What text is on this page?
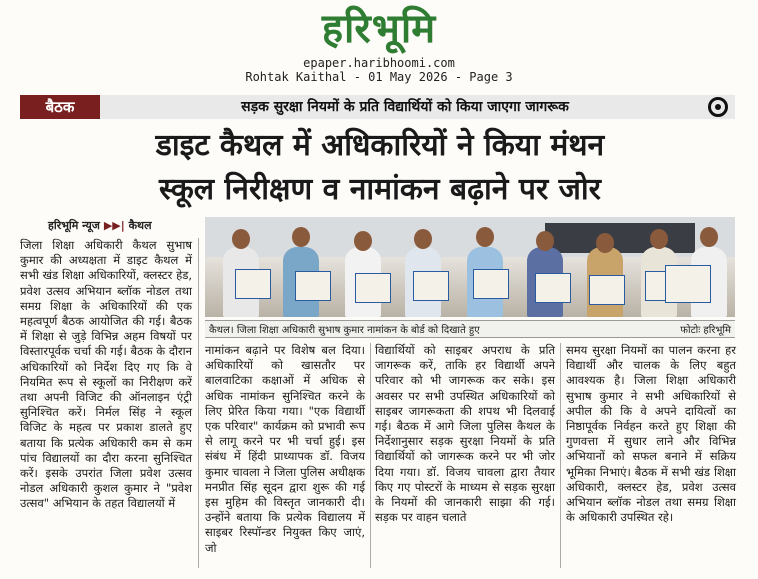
हरिभूमि
epaper.haribhoomi.com
Rohtak Kaithal - 01 May 2026 - Page 3
बैठक	सड़क सुरक्षा नियमों के प्रति विद्यार्थियों को किया जाएगा जागरूक
डाइट कैथल में अधिकारियों ने किया मंथन
स्कूल निरीक्षण व नामांकन बढ़ाने पर जोर
हरिभूमि न्यूज ▶▶| कैथल
कैथल। जिला शिक्षा अधिकारी सुभाष कुमार नामांकन के बोर्ड को दिखाते हुए	फोटोः हरिभूमि
जिला शिक्षा अधिकारी कैथल सुभाष कुमार की अध्यक्षता में डाइट कैथल में सभी खंड शिक्षा अधिकारियों, क्लस्टर हेड, प्रवेश उत्सव अभियान ब्लॉक नोडल तथा समग्र शिक्षा के अधिकारियों की एक महत्वपूर्ण बैठक आयोजित की गई। बैठक में शिक्षा से जुड़े विभिन्न अहम विषयों पर विस्तारपूर्वक चर्चा की गई। बैठक के दौरान अधिकारियों को निर्देश दिए गए कि वे नियमित रूप से स्कूलों का निरीक्षण करें तथा अपनी विजिट की ऑनलाइन एंट्री सुनिश्चित करें। निर्मल सिंह ने स्कूल विजिट के महत्व पर प्रकाश डालते हुए बताया कि प्रत्येक अधिकारी कम से कम पांच विद्यालयों का दौरा करना सुनिश्चित करें। इसके उपरांत जिला प्रवेश उत्सव नोडल अधिकारी कुशल कुमार ने "प्रवेश उत्सव" अभियान के तहत विद्यालयों में
नामांकन बढ़ाने पर विशेष बल दिया। अधिकारियों को खासतौर पर बालवाटिका कक्षाओं में अधिक से अधिक नामांकन सुनिश्चित करने के लिए प्रेरित किया गया। "एक विद्यार्थी एक परिवार" कार्यक्रम को प्रभावी रूप से लागू करने पर भी चर्चा हुई। इस संबंध में हिंदी प्राध्यापक डॉ. विजय कुमार चावला ने जिला पुलिस अधीक्षक मनप्रीत सिंह सूदन द्वारा शुरू की गई इस मुहिम की विस्तृत जानकारी दी। उन्होंने बताया कि प्रत्येक विद्यालय में साइबर रिस्पॉन्डर नियुक्त किए जाएं, जो
विद्यार्थियों को साइबर अपराध के प्रति जागरूक करें, ताकि हर विद्यार्थी अपने परिवार को भी जागरूक कर सके। इस अवसर पर सभी उपस्थित अधिकारियों को साइबर जागरूकता की शपथ भी दिलवाई गई। बैठक में आगे जिला पुलिस कैथल के निर्देशानुसार सड़क सुरक्षा नियमों के प्रति विद्यार्थियों को जागरूक करने पर भी जोर दिया गया। डॉ. विजय चावला द्वारा तैयार किए गए पोस्टरों के माध्यम से सड़क सुरक्षा के नियमों की जानकारी साझा की गई। सड़क पर वाहन चलाते
समय सुरक्षा नियमों का पालन करना हर विद्यार्थी और चालक के लिए बहुत आवश्यक है। जिला शिक्षा अधिकारी सुभाष कुमार ने सभी अधिकारियों से अपील की कि वे अपने दायित्वों का निष्ठापूर्वक निर्वहन करते हुए शिक्षा की गुणवत्ता में सुधार लाने और विभिन्न अभियानों को सफल बनाने में सक्रिय भूमिका निभाएं। बैठक में सभी खंड शिक्षा अधिकारी, क्लस्टर हेड, प्रवेश उत्सव अभियान ब्लॉक नोडल तथा समग्र शिक्षा के अधिकारी उपस्थित रहे।
